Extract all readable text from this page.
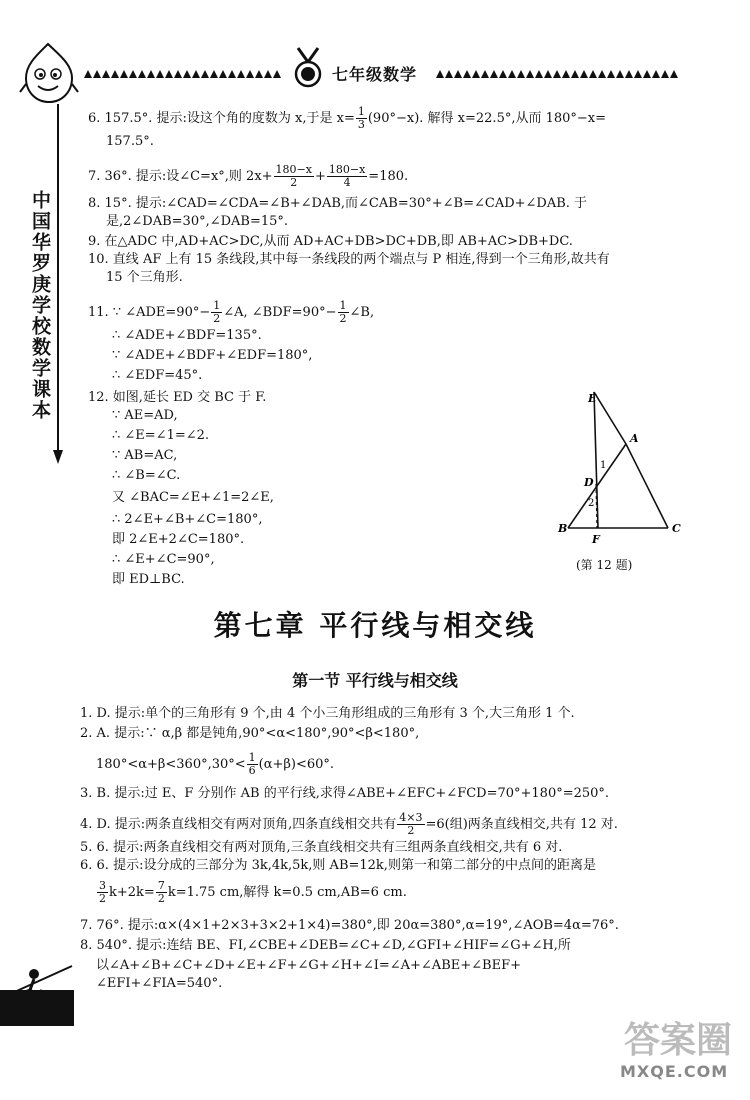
七年级数学
中国华罗庚学校数学课本
6. 157.5°. 提示:设这个角的度数为 x,于是 $x= \frac{1}{3} (90^\circ-x)$. 解得 x=22.5°,从而 180°−x=
157.5°.
7. 36°. 提示:设∠C=x°,则 $2x+ \frac{180-x}{2} + \frac{180-x}{4} =180$.
8. 15°. 提示:∠CAD=∠CDA=∠B+∠DAB,而∠CAB=30°+∠B=∠CAD+∠DAB. 于
是,2∠DAB=30°,∠DAB=15°.
9. 在△ADC 中,AD+AC>DC,从而 AD+AC+DB>DC+DB,即 AB+AC>DB+DC.
10. 直线 AF 上有 15 条线段,其中每一条线段的两个端点与 P 相连,得到一个三角形,故共有
15 个三角形.
11. ∵ ∠ADE=90°− $\frac{1}{2}$ ∠A, ∠BDF=90°− $\frac{1}{2}$ ∠B,
∴ ∠ADE+∠BDF=135°.
∵ ∠ADE+∠BDF+∠EDF=180°,
∴ ∠EDF=45°.
12. 如图,延长 ED 交 BC 于 F.
∵ AE=AD,
∴ ∠E=∠1=∠2.
∵ AB=AC,
∴ ∠B=∠C.
又 ∠BAC=∠E+∠1=2∠E,
∴ 2∠E+∠B+∠C=180°,
即 2∠E+2∠C=180°.
∴ ∠E+∠C=90°,
即 ED⊥BC.
E
A
1
D
2
B
F
C
(第 12 题)
第七章 平行线与相交线
第一节 平行线与相交线
1. D. 提示:单个的三角形有 9 个,由 4 个小三角形组成的三角形有 3 个,大三角形 1 个.
2. A. 提示:∵ α,β 都是钝角,90°<α<180°,90°<β<180°,
$180^\circ<\alpha+\beta<360^\circ,30^\circ< \frac{1}{6} (\alpha+\beta)<60^\circ$.
3. B. 提示:过 E、F 分别作 AB 的平行线,求得∠ABE+∠EFC+∠FCD=70°+180°=250°.
4. D. 提示:两条直线相交有两对顶角,四条直线相交共有 $\frac{4\times 3}{2} =6$(组)两条直线相交,共有 12 对.
5. 6. 提示:两条直线相交有两对顶角,三条直线相交共有三组两条直线相交,共有 6 对.
6. 6. 提示:设分成的三部分为 3k,4k,5k,则 AB=12k,则第一和第二部分的中点间的距离是
$\frac{3}{2} k+2k= \frac{7}{2} k=1.75$ cm,解得 k=0.5 cm,AB=6 cm.
7. 76°. 提示:α×(4×1+2×3+3×2+1×4)=380°,即 20α=380°,α=19°,∠AOB=4α=76°.
8. 540°. 提示:连结 BE、FI,∠CBE+∠DEB=∠C+∠D,∠GFI+∠HIF=∠G+∠H,所
以∠A+∠B+∠C+∠D+∠E+∠F+∠G+∠H+∠I=∠A+∠ABE+∠BEF+
∠EFI+∠FIA=540°.
答案圈
MXQE.COM
